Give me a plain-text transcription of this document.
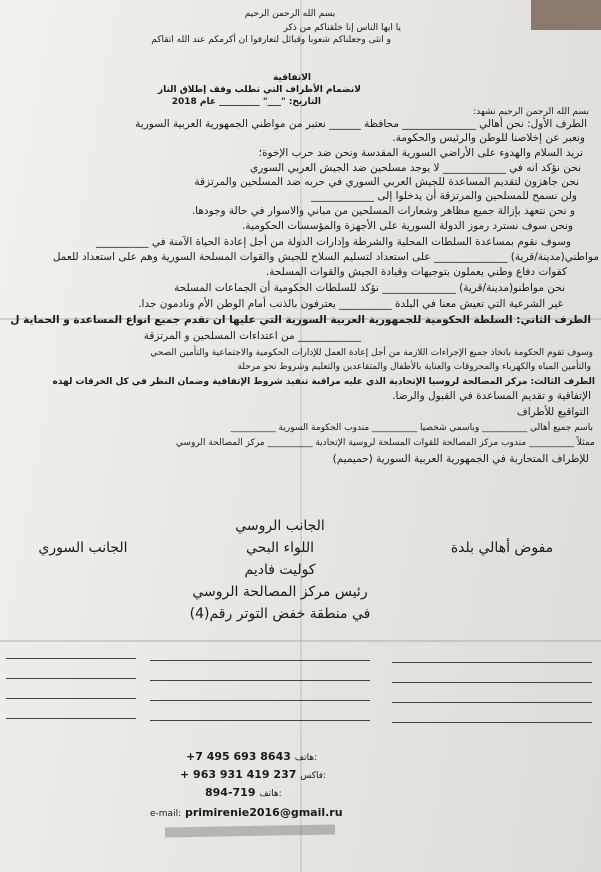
بسم الله الرحمن الرحيم
يا ايها الناس إنا خلقناكم من ذكر
و انثى وجعلناكم شعوبا وقبائل لتعارفوا ان أكرمكم عند الله اتقاكم
الاتفاقية
لانضمام الأطراف التي تطلب وقف إطلاق النار
التاريخ: "___" _________ عام 2018
بسم الله الرحمن الرحيم نشهد:
الطرف الأول: نحن أهالي ______________ محافظة ______ نعتبر من مواطني الجمهورية العربية السورية
ونعبر عن إخلاصنا للوطن والرئيس والحكومة.
نريد السلام والهدوء على الأراضي السورية المقدسة ونحن ضد حرب الإخوة؛
نحن نؤكد انه في ____________ لا يوجد مسلحين ضد الجيش العربي السوري
نحن جاهزون لتقديم المساعدة للجيش العربي السوري في حربه ضد المسلحين والمرتزقة
ولن نسمح للمسلحين والمرتزقة أن يدخلوا إلى ____________
و نحن نتعهد بإزالة جميع مظاهر وشعارات المسلحين من مباني والاسوار في حالة وجودها.
ونحن سوف نسترد رموز الدولة السورية على الأجهزة والمؤسسات الحكومية.
وسوف نقوم بمساعدة السلطات المحلية والشرطة وإدارات الدولة من أجل إعادة الحياة الآمنة في __________
مواطني(مدينة/قرية) ______________ على استعداد لتسليم السلاح للجيش والقوات المسلحة السورية وهم على استعداد للعمل
كقوات دفاع وطني يعملون بتوجيهات وقيادة الجيش والقوات المسلحة.
نحن مواطنو(مدينة/قرية) ______________ نؤكد للسلطات الحكومية أن الجماعات المسلحة
غير الشرعية التي تعيش معنا في البلدة __________ يعترفون بالذنب أمام الوطن الأم ونادمون جدا.
الطرف الثاني: السلطة الحكومية للجمهورية العربية السورية التي عليها ان تقدم جميع انواع المساعدة و الحماية ل
____________ من اعتداءات المسلحين و المرتزقة
وسوف تقوم الحكومة باتخاذ جميع الإجراءات اللازمة من أجل إعادة العمل للإدارات الحكومية والاجتماعية والتأمين الصحي
والتأمين المياه والكهرباء والمحروقات والعناية بالأطفال والمتقاعدين والتعليم وشروط نحو مرحلة
الطرف الثالث: مركز المصالحة لروسيا الإتحادية الذي عليه مراقبة تنفيذ شروط الإتفاقية وضمان النظر في كل الخرقات لهذه
الإتفاقية و تقديم المساعدة في القبول والرضا.
التواقيع للأطراف
باسم جميع أهالي __________ وباسمي شخصيا __________ مندوب الحكومة السورية __________
ممثلاً __________ مندوب مركز المصالحة للقوات المسلحة لروسية الإتحادية __________ مركز المصالحة الروسي
للإطراف المتحاربة في الجمهورية العربية السورية (حميميم)
مفوض أهالي بلدة
الجانب الروسي
اللواء البحي
كوليت فاديم
رئيس مركز المصالحة الروسي
في منطقة خفض التوتر رقم(4)
الجانب السوري
+7 495 693 8643 هاتف:
+ 963 931 419 237 فاكس:
894-719 هاتف:
e-mail: primirenie2016@gmail.ru
